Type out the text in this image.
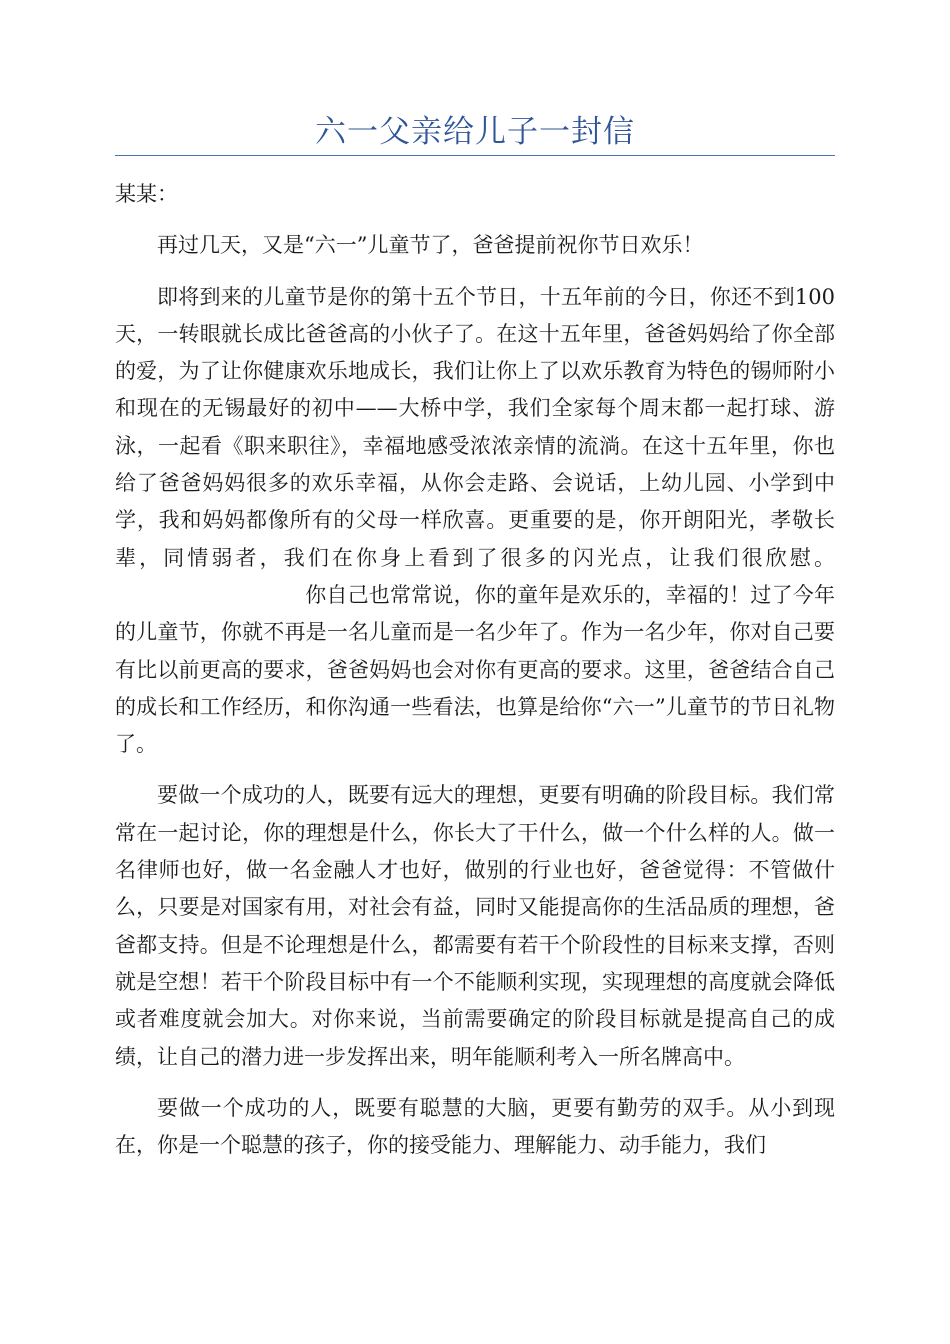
六一父亲给儿子一封信

某某：

再过几天，又是“六一”儿童节了，爸爸提前祝你节日欢乐！

即将到来的儿童节是你的第十五个节日，十五年前的今日，你还不到100天，一转眼就长成比爸爸高的小伙子了。在这十五年里，爸爸妈妈给了你全部的爱，为了让你健康欢乐地成长，我们让你上了以欢乐教育为特色的锡师附小和现在的无锡最好的初中——大桥中学，我们全家每个周末都一起打球、游泳，一起看《职来职往》，幸福地感受浓浓亲情的流淌。在这十五年里，你也给了爸爸妈妈很多的欢乐幸福，从你会走路、会说话，上幼儿园、小学到中学，我和妈妈都像所有的父母一样欣喜。更重要的是，你开朗阳光，孝敬长辈，同情弱者，我们在你身上看到了很多的闪光点，让我们很欣慰。你自己也常常说，你的童年是欢乐的，幸福的！过了今年的儿童节，你就不再是一名儿童而是一名少年了。作为一名少年，你对自己要有比以前更高的要求，爸爸妈妈也会对你有更高的要求。这里，爸爸结合自己的成长和工作经历，和你沟通一些看法，也算是给你“六一”儿童节的节日礼物了。

要做一个成功的人，既要有远大的理想，更要有明确的阶段目标。我们常常在一起讨论，你的理想是什么，你长大了干什么，做一个什么样的人。做一名律师也好，做一名金融人才也好，做别的行业也好，爸爸觉得：不管做什么，只要是对国家有用，对社会有益，同时又能提高你的生活品质的理想，爸爸都支持。但是不论理想是什么，都需要有若干个阶段性的目标来支撑，否则就是空想！若干个阶段目标中有一个不能顺利实现，实现理想的高度就会降低或者难度就会加大。对你来说，当前需要确定的阶段目标就是提高自己的成绩，让自己的潜力进一步发挥出来，明年能顺利考入一所名牌高中。

要做一个成功的人，既要有聪慧的大脑，更要有勤劳的双手。从小到现在，你是一个聪慧的孩子，你的接受能力、理解能力、动手能力，我们
